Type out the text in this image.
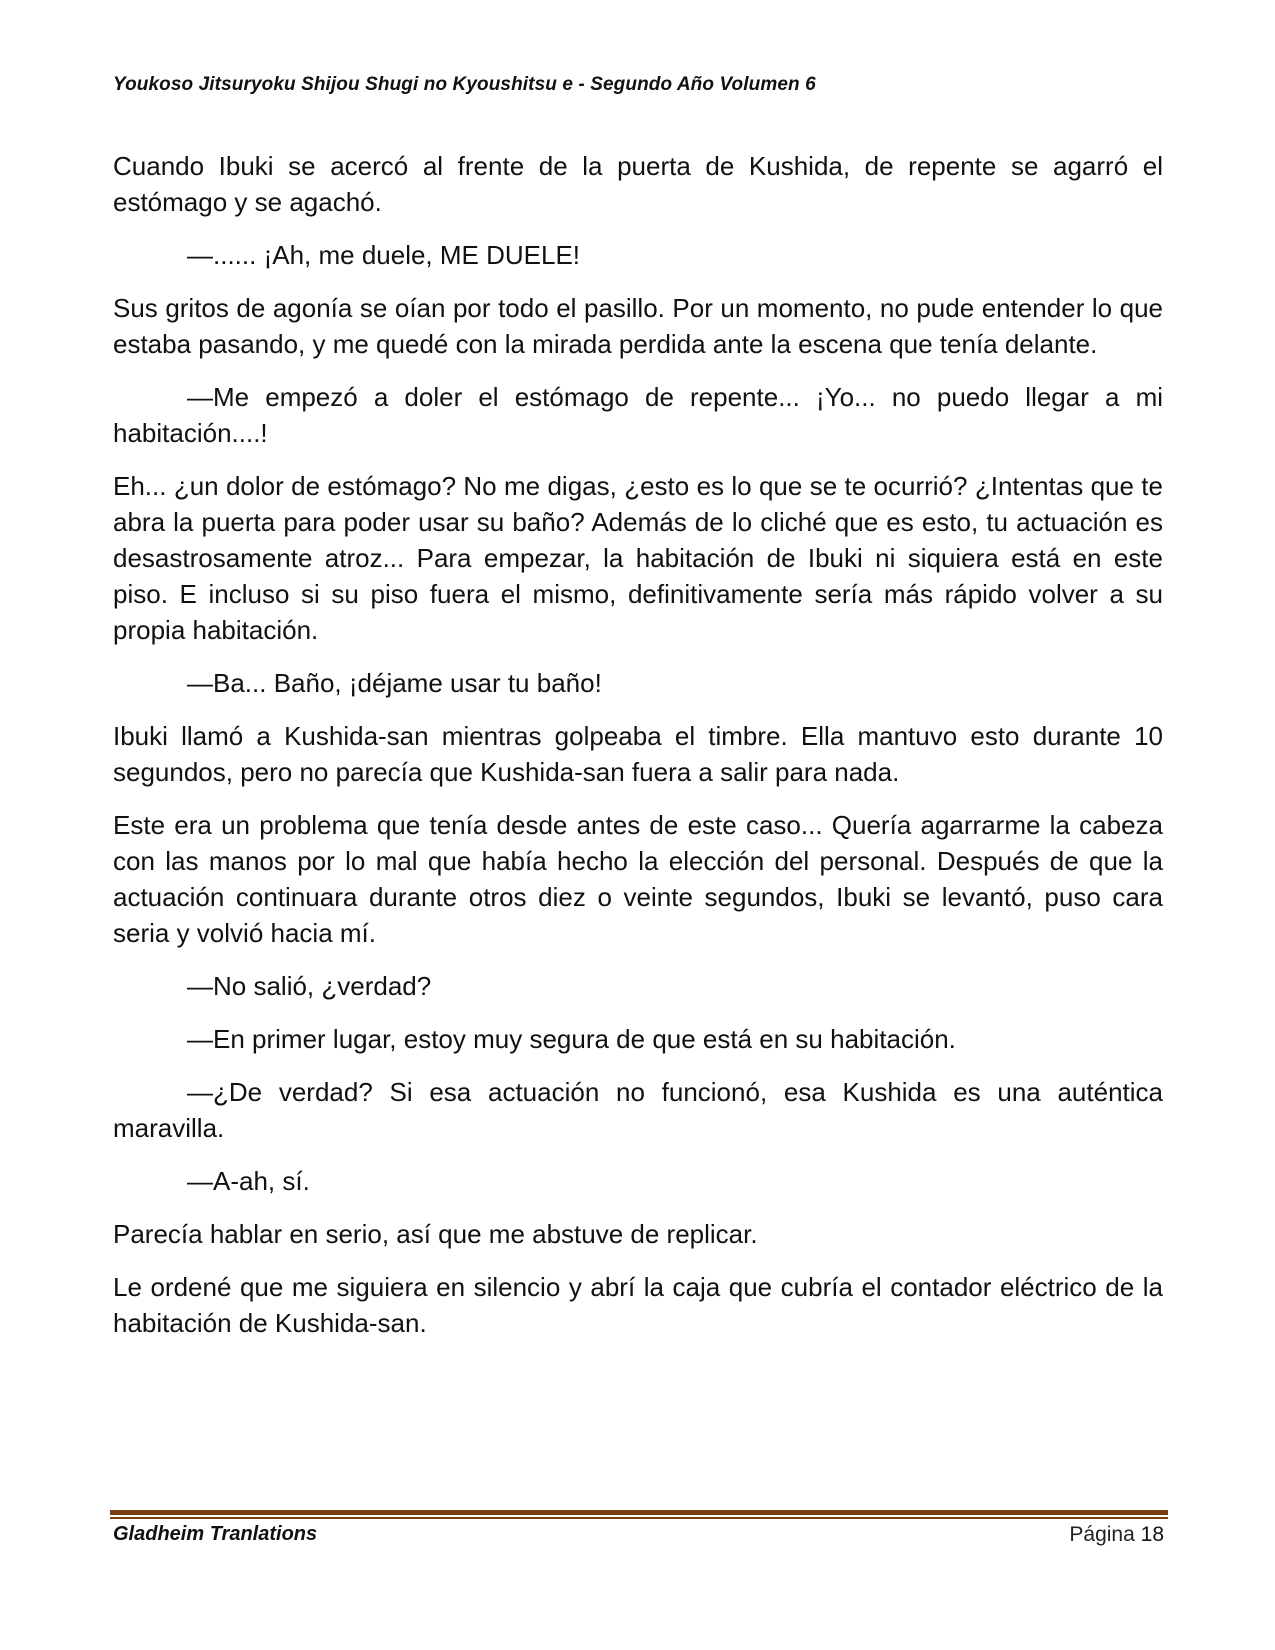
Youkoso Jitsuryoku Shijou Shugi no Kyoushitsu e - Segundo Año Volumen 6

Cuando Ibuki se acercó al frente de la puerta de Kushida, de repente se agarró el estómago y se agachó.

—...... ¡Ah, me duele, ME DUELE!

Sus gritos de agonía se oían por todo el pasillo. Por un momento, no pude entender lo que estaba pasando, y me quedé con la mirada perdida ante la escena que tenía delante.

—Me empezó a doler el estómago de repente... ¡Yo... no puedo llegar a mi habitación....!

Eh... ¿un dolor de estómago? No me digas, ¿esto es lo que se te ocurrió? ¿Intentas que te abra la puerta para poder usar su baño? Además de lo cliché que es esto, tu actuación es desastrosamente atroz... Para empezar, la habitación de Ibuki ni siquiera está en este piso. E incluso si su piso fuera el mismo, definitivamente sería más rápido volver a su propia habitación.

—Ba... Baño, ¡déjame usar tu baño!

Ibuki llamó a Kushida-san mientras golpeaba el timbre. Ella mantuvo esto durante 10 segundos, pero no parecía que Kushida-san fuera a salir para nada.

Este era un problema que tenía desde antes de este caso... Quería agarrarme la cabeza con las manos por lo mal que había hecho la elección del personal. Después de que la actuación continuara durante otros diez o veinte segundos, Ibuki se levantó, puso cara seria y volvió hacia mí.

—No salió, ¿verdad?

—En primer lugar, estoy muy segura de que está en su habitación.

—¿De verdad? Si esa actuación no funcionó, esa Kushida es una auténtica maravilla.

—A-ah, sí.

Parecía hablar en serio, así que me abstuve de replicar.

Le ordené que me siguiera en silencio y abrí la caja que cubría el contador eléctrico de la habitación de Kushida-san.

Gladheim Tranlations	Página 18
